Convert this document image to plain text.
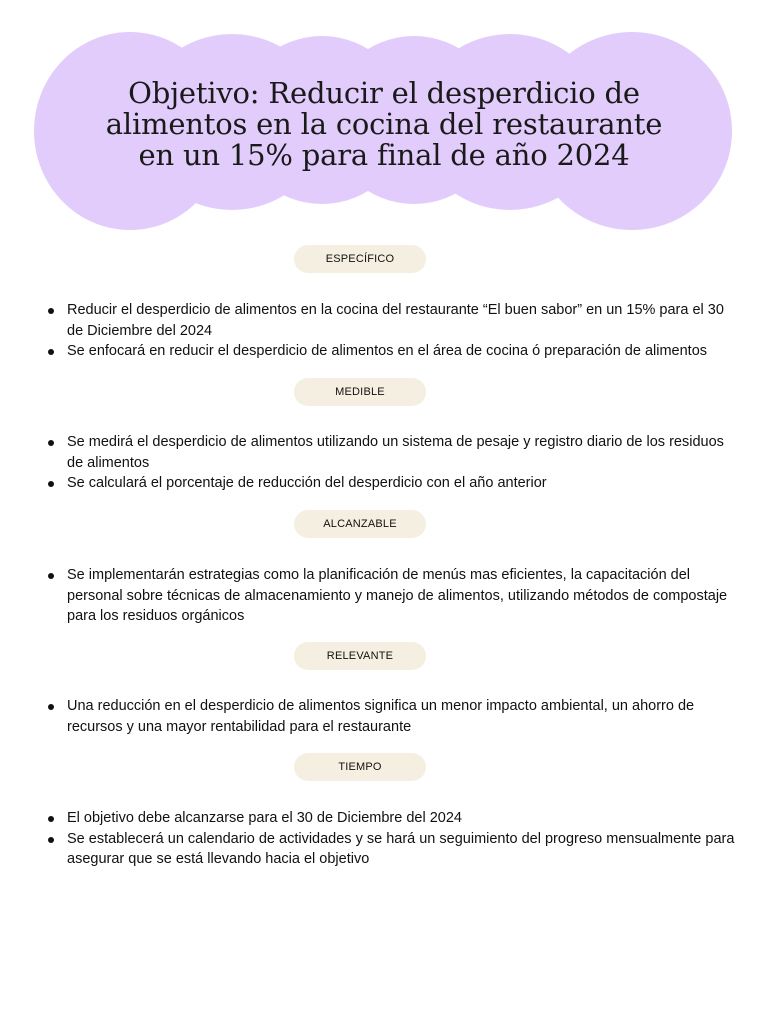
Objetivo: Reducir el desperdicio de
alimentos en la cocina del restaurante
en un 15% para final de año 2024
ESPECÍFICO
Reducir el desperdicio de alimentos en la cocina del restaurante “El buen sabor” en un 15% para el 30 de Diciembre del 2024
Se enfocará en reducir el desperdicio de alimentos en el área de cocina ó preparación de alimentos
MEDIBLE
Se medirá el desperdicio de alimentos utilizando un sistema de pesaje y registro diario de los residuos de alimentos
Se calculará el porcentaje de reducción del desperdicio con el año anterior
ALCANZABLE
Se implementarán estrategias como la planificación de menús mas eficientes, la capacitación del personal sobre técnicas de almacenamiento y manejo de alimentos, utilizando métodos de compostaje para los residuos orgánicos
RELEVANTE
Una reducción en el desperdicio de alimentos significa un menor impacto ambiental, un ahorro de recursos y una mayor rentabilidad para el restaurante
TIEMPO
El objetivo debe alcanzarse para el 30 de Diciembre del 2024
Se establecerá un calendario de actividades y se hará un seguimiento del progreso mensualmente para asegurar que se está llevando hacia el objetivo
